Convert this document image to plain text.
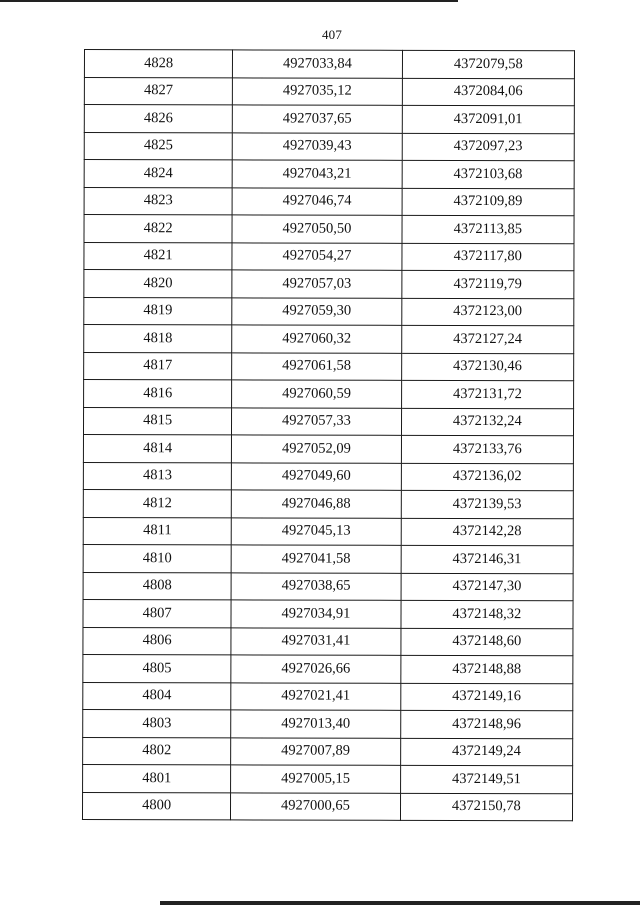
407
4828	4927033,84	4372079,58
4827	4927035,12	4372084,06
4826	4927037,65	4372091,01
4825	4927039,43	4372097,23
4824	4927043,21	4372103,68
4823	4927046,74	4372109,89
4822	4927050,50	4372113,85
4821	4927054,27	4372117,80
4820	4927057,03	4372119,79
4819	4927059,30	4372123,00
4818	4927060,32	4372127,24
4817	4927061,58	4372130,46
4816	4927060,59	4372131,72
4815	4927057,33	4372132,24
4814	4927052,09	4372133,76
4813	4927049,60	4372136,02
4812	4927046,88	4372139,53
4811	4927045,13	4372142,28
4810	4927041,58	4372146,31
4808	4927038,65	4372147,30
4807	4927034,91	4372148,32
4806	4927031,41	4372148,60
4805	4927026,66	4372148,88
4804	4927021,41	4372149,16
4803	4927013,40	4372148,96
4802	4927007,89	4372149,24
4801	4927005,15	4372149,51
4800	4927000,65	4372150,78
